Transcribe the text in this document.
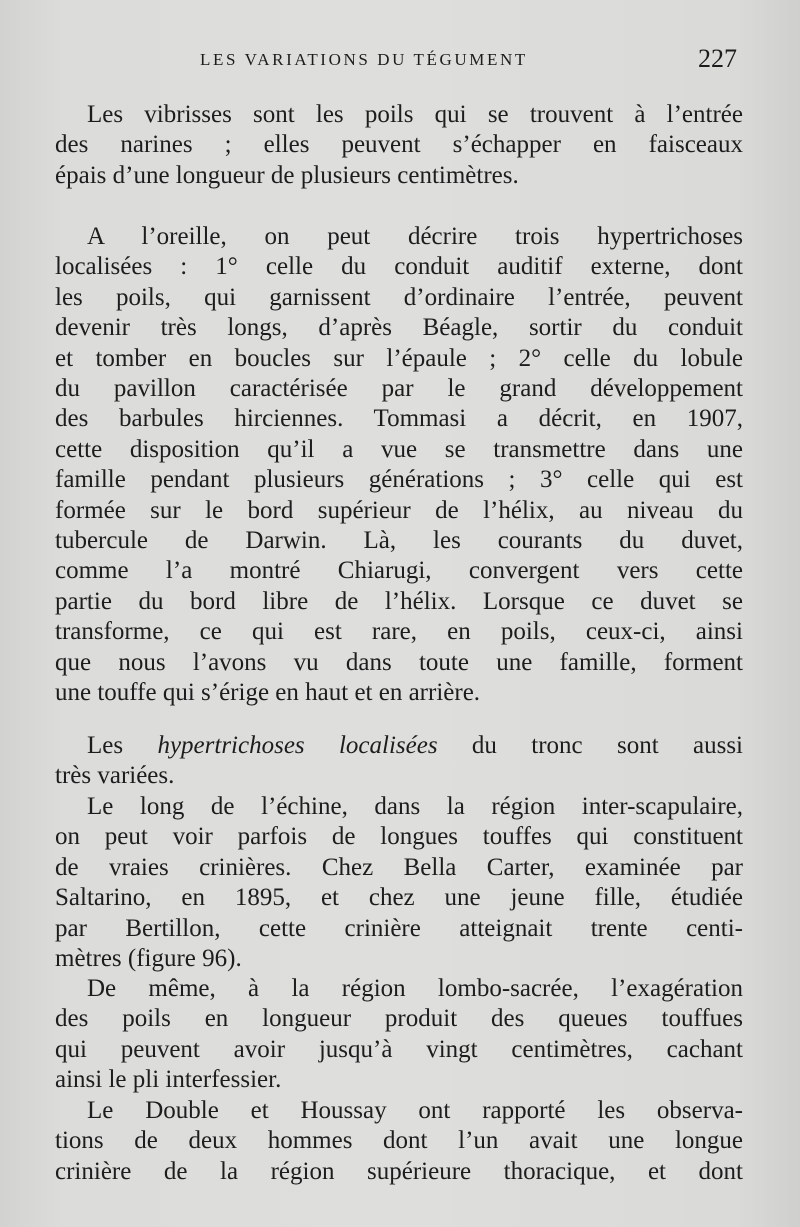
LES VARIATIONS DU TÉGUMENT	227

Les vibrisses sont les poils qui se trouvent à l’entrée
des narines ; elles peuvent s’échapper en faisceaux
épais d’une longueur de plusieurs centimètres.

A l’oreille, on peut décrire trois hypertrichoses
localisées : 1° celle du conduit auditif externe, dont
les poils, qui garnissent d’ordinaire l’entrée, peuvent
devenir très longs, d’après Béagle, sortir du conduit
et tomber en boucles sur l’épaule ; 2° celle du lobule
du pavillon caractérisée par le grand développement
des barbules hirciennes. Tommasi a décrit, en 1907,
cette disposition qu’il a vue se transmettre dans une
famille pendant plusieurs générations ; 3° celle qui est
formée sur le bord supérieur de l’hélix, au niveau du
tubercule de Darwin. Là, les courants du duvet,
comme l’a montré Chiarugi, convergent vers cette
partie du bord libre de l’hélix. Lorsque ce duvet se
transforme, ce qui est rare, en poils, ceux-ci, ainsi
que nous l’avons vu dans toute une famille, forment
une touffe qui s’érige en haut et en arrière.

Les hypertrichoses localisées du tronc sont aussi
très variées.

Le long de l’échine, dans la région inter-scapulaire,
on peut voir parfois de longues touffes qui constituent
de vraies crinières. Chez Bella Carter, examinée par
Saltarino, en 1895, et chez une jeune fille, étudiée
par Bertillon, cette crinière atteignait trente centi-
mètres (figure 96).

De même, à la région lombo-sacrée, l’exagération
des poils en longueur produit des queues touffues
qui peuvent avoir jusqu’à vingt centimètres, cachant
ainsi le pli interfessier.

Le Double et Houssay ont rapporté les observa-
tions de deux hommes dont l’un avait une longue
crinière de la région supérieure thoracique, et dont
